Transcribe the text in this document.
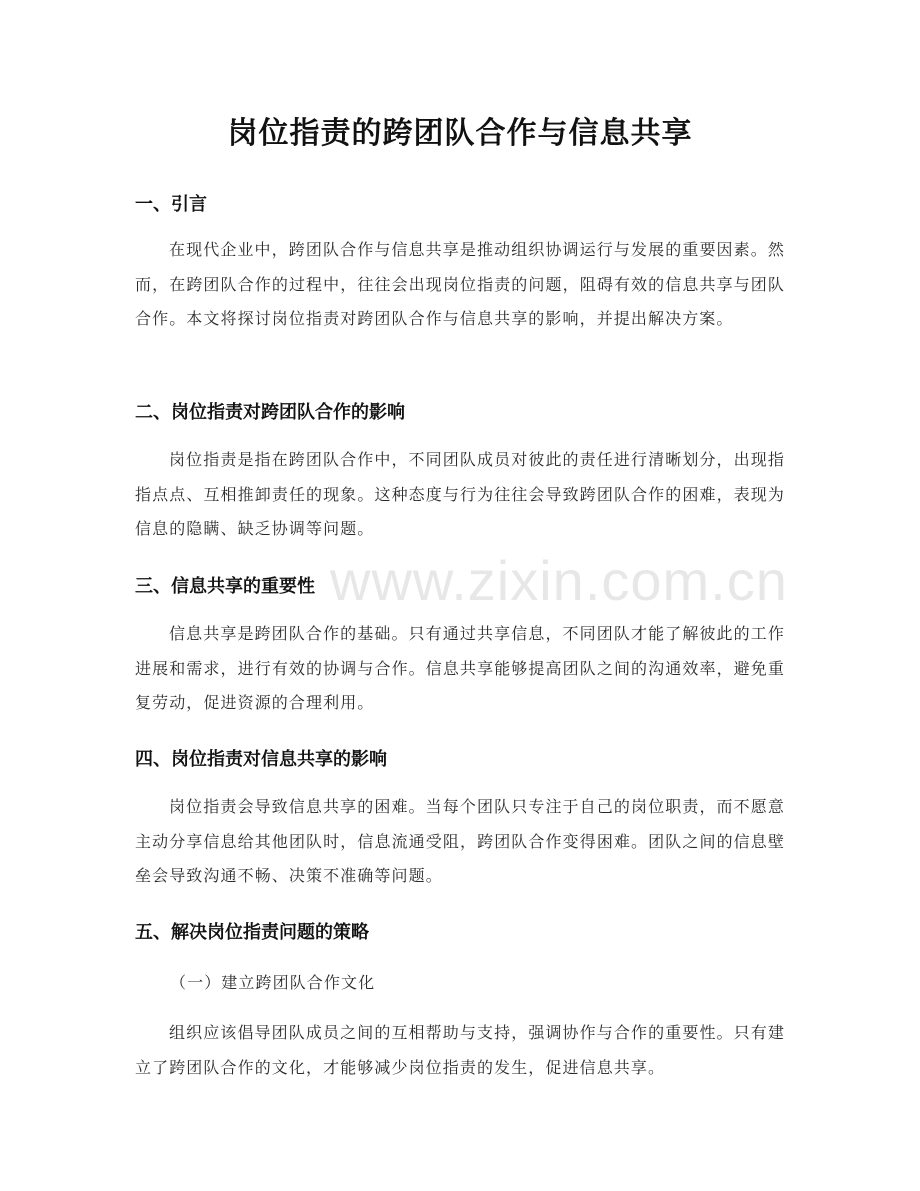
岗位指责的跨团队合作与信息共享
一、引言
在现代企业中，跨团队合作与信息共享是推动组织协调运行与发展的重要因素。然而，在跨团队合作的过程中，往往会出现岗位指责的问题，阻碍有效的信息共享与团队合作。本文将探讨岗位指责对跨团队合作与信息共享的影响，并提出解决方案。
二、岗位指责对跨团队合作的影响
岗位指责是指在跨团队合作中，不同团队成员对彼此的责任进行清晰划分，出现指指点点、互相推卸责任的现象。这种态度与行为往往会导致跨团队合作的困难，表现为信息的隐瞒、缺乏协调等问题。
三、信息共享的重要性
信息共享是跨团队合作的基础。只有通过共享信息，不同团队才能了解彼此的工作进展和需求，进行有效的协调与合作。信息共享能够提高团队之间的沟通效率，避免重复劳动，促进资源的合理利用。
四、岗位指责对信息共享的影响
岗位指责会导致信息共享的困难。当每个团队只专注于自己的岗位职责，而不愿意主动分享信息给其他团队时，信息流通受阻，跨团队合作变得困难。团队之间的信息壁垒会导致沟通不畅、决策不准确等问题。
五、解决岗位指责问题的策略
（一）建立跨团队合作文化
组织应该倡导团队成员之间的互相帮助与支持，强调协作与合作的重要性。只有建立了跨团队合作的文化，才能够减少岗位指责的发生，促进信息共享。
www.zixin.com.cn
